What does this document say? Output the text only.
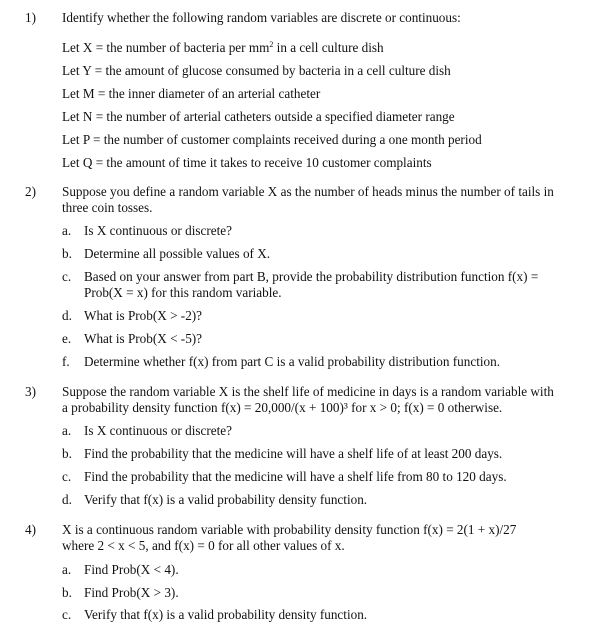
1) Identify whether the following random variables are discrete or continuous:
Let X = the number of bacteria per $mm^2$ in a cell culture dish
Let Y = the amount of glucose consumed by bacteria in a cell culture dish
Let M = the inner diameter of an arterial catheter
Let N = the number of arterial catheters outside a specified diameter range
Let P = the number of customer complaints received during a one month period
Let Q = the amount of time it takes to receive 10 customer complaints
2) Suppose you define a random variable X as the number of heads minus the number of tails in
three coin tosses.
a. Is X continuous or discrete?
b. Determine all possible values of X.
c. Based on your answer from part B, provide the probability distribution function f(x) =
Prob(X = x) for this random variable.
d. What is Prob(X > -2)?
e. What is Prob(X < -5)?
f. Determine whether f(x) from part C is a valid probability distribution function.
3) Suppose the random variable X is the shelf life of medicine in days is a random variable with
a probability density function f(x) = 20,000/(x + 100)³ for x > 0; f(x) = 0 otherwise.
a. Is X continuous or discrete?
b. Find the probability that the medicine will have a shelf life of at least 200 days.
c. Find the probability that the medicine will have a shelf life from 80 to 120 days.
d. Verify that f(x) is a valid probability density function.
4) X is a continuous random variable with probability density function f(x) = 2(1 + x)/27
where 2 < x < 5, and f(x) = 0 for all other values of x.
a. Find Prob(X < 4).
b. Find Prob(X > 3).
c. Verify that f(x) is a valid probability density function.
